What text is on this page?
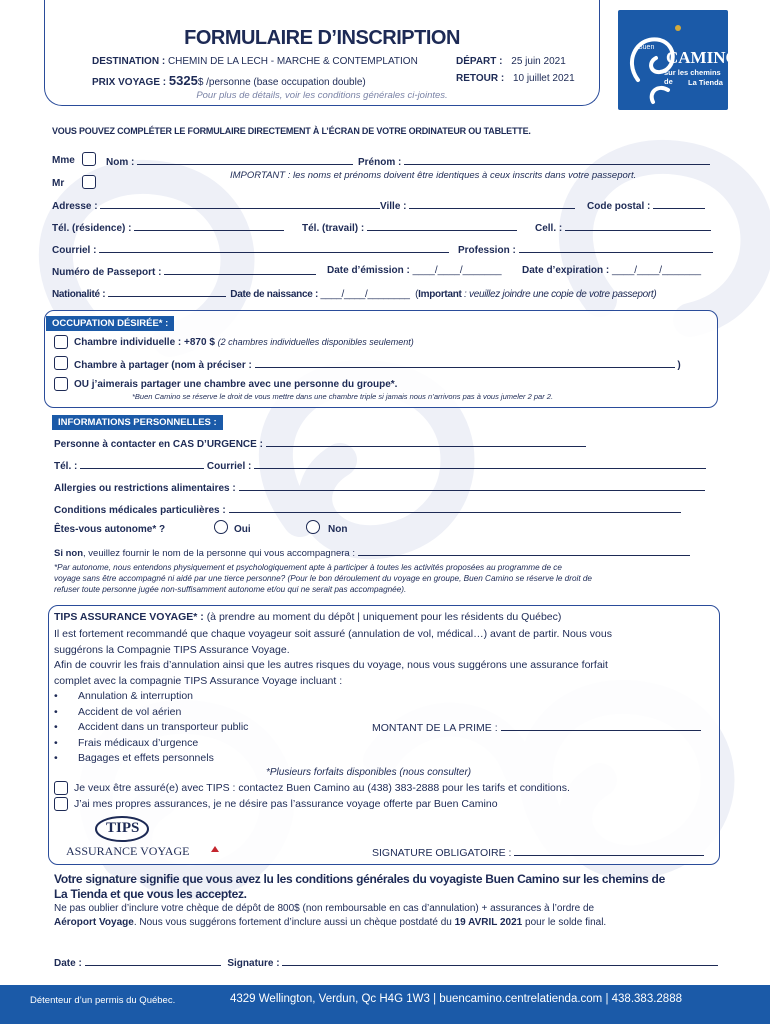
FORMULAIRE D’INSCRIPTION
DESTINATION : CHEMIN DE LA LECH - MARCHE & CONTEMPLATION
PRIX VOYAGE : 5325$ /personne (base occupation double)
DÉPART : 25 juin 2021
RETOUR : 10 juillet 2021
Pour plus de détails, voir les conditions générales ci-jointes.
Buen
CAMINO
sur les chemins de	La Tienda
VOUS POUVEZ COMPLÉTER LE FORMULAIRE DIRECTEMENT À L’ÉCRAN DE VOTRE ORDINATEUR OU TABLETTE.
Mme
Mr
Nom :	Prénom :
IMPORTANT : les noms et prénoms doivent être identiques à ceux inscrits dans votre passeport.
Adresse :	Ville :	Code postal :
Tél. (résidence) :	Tél. (travail) :	Cell. :
Courriel :	Profession :
Numéro de Passeport :	Date d’émission : ____/____/_______ Date d’expiration : ____/____/_______
Nationalité :	Date de naissance : ____/____/________ (Important : veuillez joindre une copie de votre passeport)
OCCUPATION DÉSIRÉE* :
Chambre individuelle : +870 $ (2 chambres individuelles disponibles seulement)
Chambre à partager (nom à préciser :	)
OU j’aimerais partager une chambre avec une personne du groupe*.
*Buen Camino se réserve le droit de vous mettre dans une chambre triple si jamais nous n’arrivons pas à vous jumeler 2 par 2.
INFORMATIONS PERSONNELLES :
Personne à contacter en CAS D’URGENCE :
Tél. :	Courriel :
Allergies ou restrictions alimentaires :
Conditions médicales particulières :
Êtes-vous autonome* ?	Oui	Non
Si non, veuillez fournir le nom de la personne qui vous accompagnera :
*Par autonome, nous entendons physiquement et psychologiquement apte à participer à toutes les activités proposées au programme de ce
voyage sans être accompagné ni aidé par une tierce personne? (Pour le bon déroulement du voyage en groupe, Buen Camino se réserve le droit de
refuser toute personne jugée non-suffisamment autonome et/ou qui ne serait pas accompagnée).
TIPS ASSURANCE VOYAGE* : (à prendre au moment du dépôt | uniquement pour les résidents du Québec)
Il est fortement recommandé que chaque voyageur soit assuré (annulation de vol, médical…) avant de partir. Nous vous
suggérons la Compagnie TIPS Assurance Voyage.
Afin de couvrir les frais d’annulation ainsi que les autres risques du voyage, nous vous suggérons une assurance forfait
complet avec la compagnie TIPS Assurance Voyage incluant :
• Annulation & interruption
• Accident de vol aérien
• Accident dans un transporteur public
• Frais médicaux d’urgence
• Bagages et effets personnels
MONTANT DE LA PRIME :
*Plusieurs forfaits disponibles (nous consulter)
Je veux être assuré(e) avec TIPS : contactez Buen Camino au (438) 383-2888 pour les tarifs et conditions.
J’ai mes propres assurances, je ne désire pas l’assurance voyage offerte par Buen Camino
TIPS
ASSURANCE VOYAGE	SIGNATURE OBLIGATOIRE :
Votre signature signifie que vous avez lu les conditions générales du voyagiste Buen Camino sur les chemins de
La Tienda et que vous les acceptez.
Ne pas oublier d’inclure votre chèque de dépôt de 800$ (non remboursable en cas d’annulation) + assurances à l’ordre de
Aéroport Voyage. Nous vous suggérons fortement d’inclure aussi un chèque postdaté du 19 AVRIL 2021 pour le solde final.
Date :	Signature :
Détenteur d’un permis du Québec.	4329 Wellington, Verdun, Qc H4G 1W3 | buencamino.centrelatienda.com | 438.383.2888
